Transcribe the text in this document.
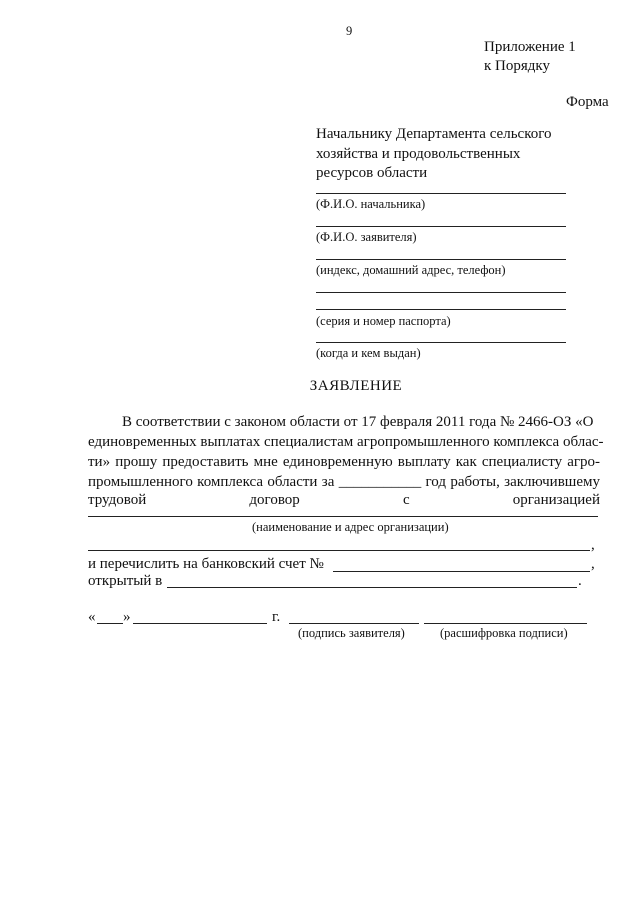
9
Приложение 1
к Порядку
Форма
Начальнику Департамента сельского
хозяйства и продовольственных
ресурсов области
(Ф.И.О. начальника)
(Ф.И.О. заявителя)
(индекс, домашний адрес, телефон)
(серия и номер паспорта)
(когда и кем выдан)
ЗАЯВЛЕНИЕ
В соответствии с законом области от 17 февраля 2011 года № 2466-ОЗ «О
единовременных выплатах специалистам агропромышленного комплекса облас-
ти» прошу предоставить мне единовременную выплату как специалисту агро-
промышленного комплекса области за ___________ год работы, заключившему
трудовой	договор	с	организацией
(наименование и адрес организации)
,
и перечислить на банковский счет №	,
открытый в	.
« »	г.
(подпись заявителя)	(расшифровка подписи)
